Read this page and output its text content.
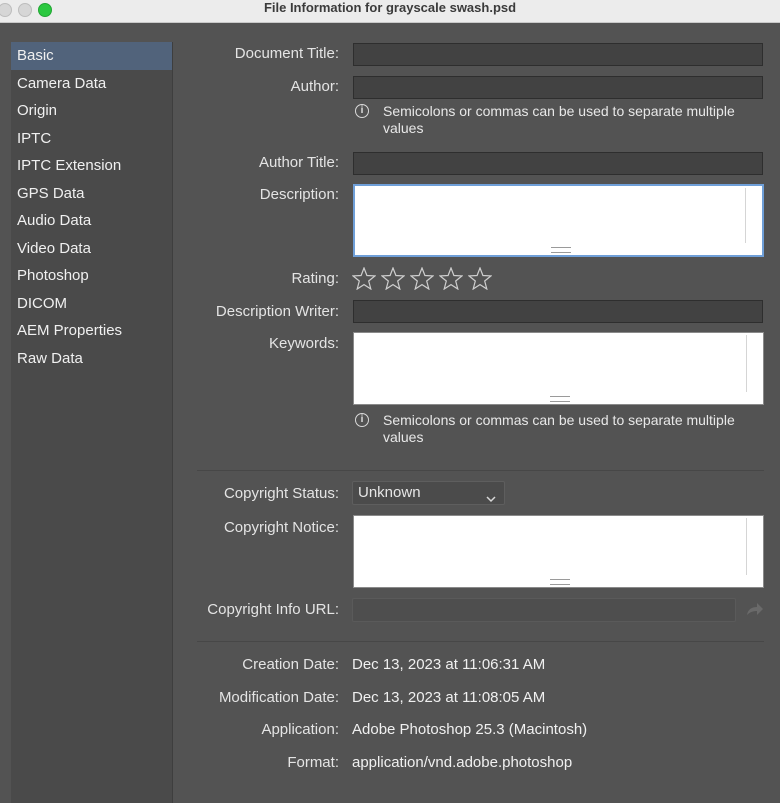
File Information for grayscale swash.psd
Basic
Camera Data
Origin
IPTC
IPTC Extension
GPS Data
Audio Data
Video Data
Photoshop
DICOM
AEM Properties
Raw Data
Document Title:
Author:
i	Semicolons or commas can be used to separate multiple values
Author Title:
Description:
Rating:
Description Writer:
Keywords:
i	Semicolons or commas can be used to separate multiple values
Copyright Status:	Unknown
Copyright Notice:
Copyright Info URL:
Creation Date: Dec 13, 2023 at 11:06:31 AM
Modification Date: Dec 13, 2023 at 11:08:05 AM
Application: Adobe Photoshop 25.3 (Macintosh)
Format: application/vnd.adobe.photoshop
